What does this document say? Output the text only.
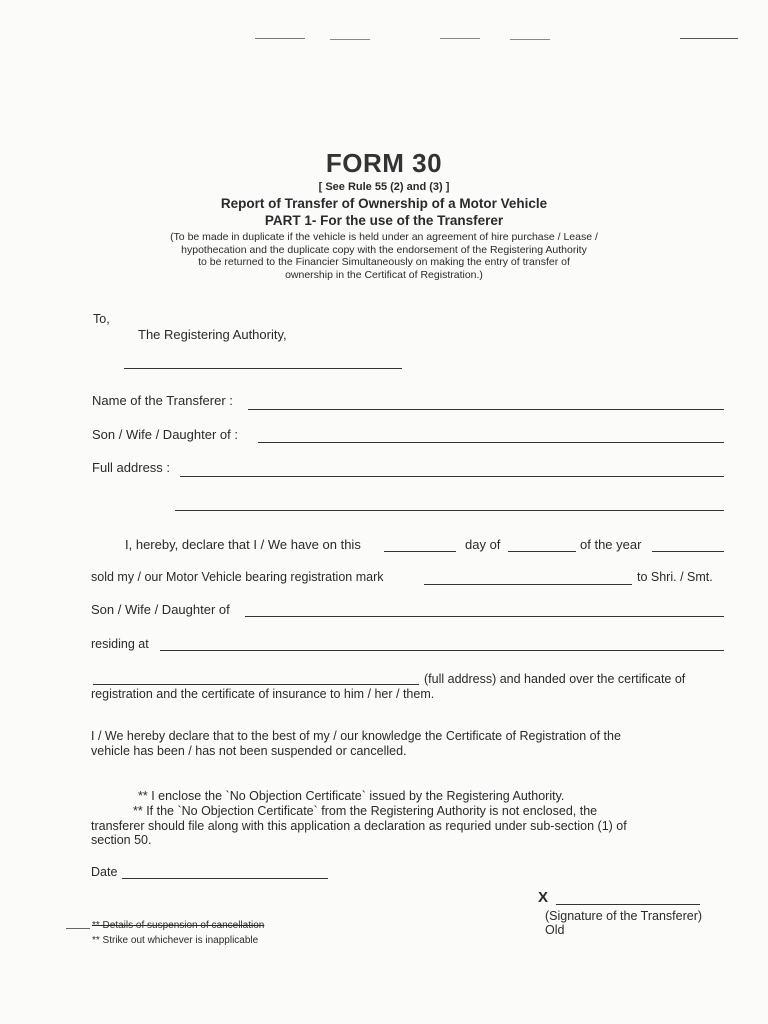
FORM 30
[ See Rule 55 (2) and (3) ]
Report of Transfer of Ownership of a Motor Vehicle
PART 1- For the use of the Transferer
(To be made in duplicate if the vehicle is held under an agreement of hire purchase / Lease /
hypothecation and the duplicate copy with the endorsement of the Registering Authority
to be returned to the Financier Simultaneously on making the entry of transfer of
ownership in the Certificat of Registration.)
To,
The Registering Authority,
Name of the Transferer :
Son / Wife / Daughter of :
Full address :
I, hereby, declare that I / We have on this	day of	of the year
sold my / our Motor Vehicle bearing registration mark	to Shri. / Smt.
Son / Wife / Daughter of
residing at
(full address) and handed over the certificate of
registration and the certificate of insurance to him / her / them.
I / We hereby declare that to the best of my / our knowledge the Certificate of Registration of the
vehicle has been / has not been suspended or cancelled.
** I enclose the `No Objection Certificate` issued by the Registering Authority.
** If the `No Objection Certificate` from the Registering Authority is not enclosed, the
transferer should file along with this application a declaration as requried under sub-section (1) of
section 50.
Date
X
(Signature of the Transferer)
Old
** Details of suspension of cancellation
** Strike out whichever is inapplicable
